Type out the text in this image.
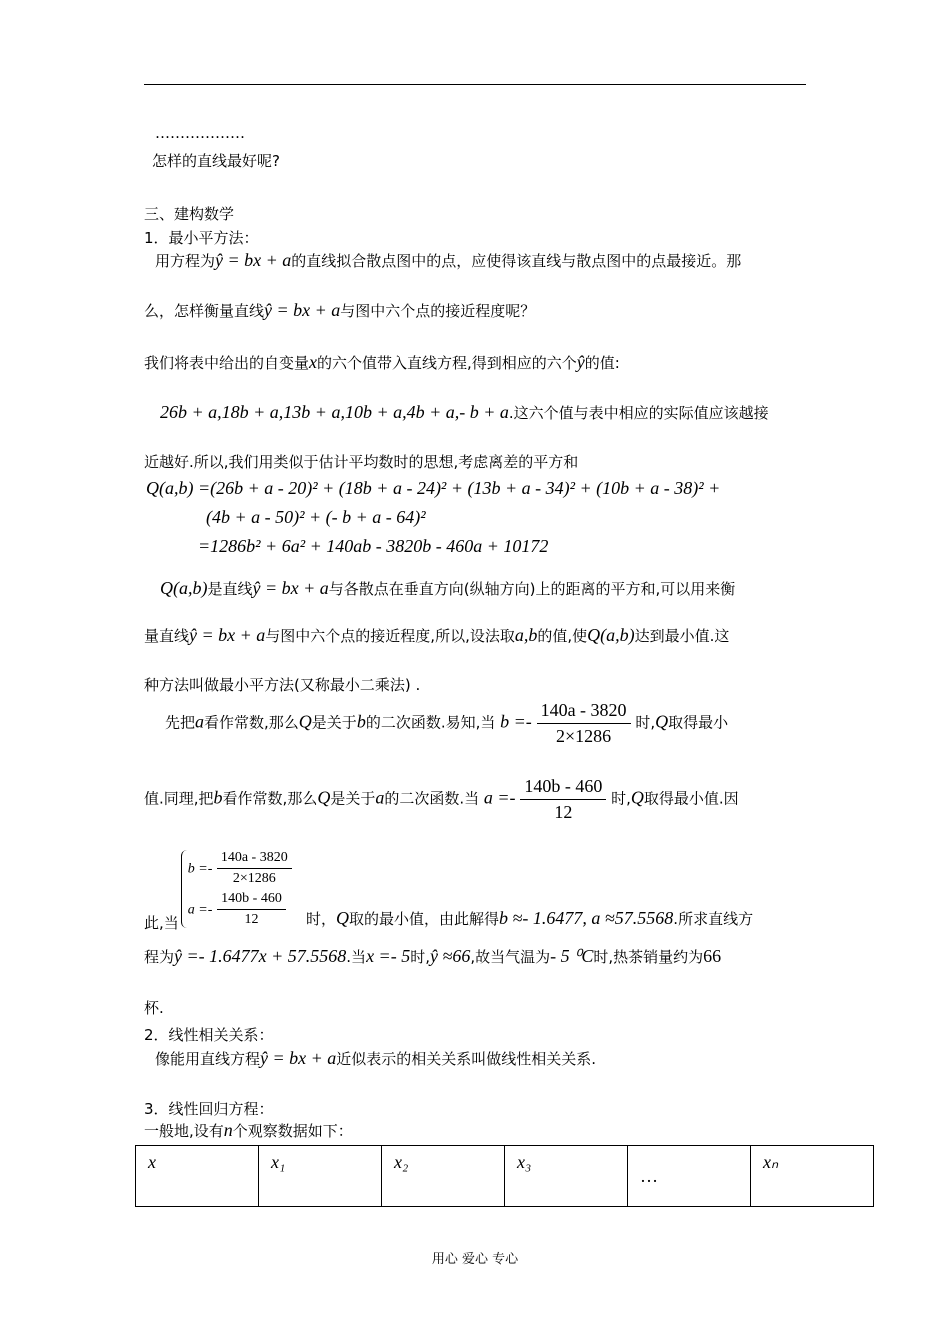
………………
怎样的直线最好呢?
三、建构数学
1．最小平方法：
用方程为ŷ = bx + a的直线拟合散点图中的点，应使得该直线与散点图中的点最接近。那
么，怎样衡量直线ŷ = bx + a与图中六个点的接近程度呢？
我们将表中给出的自变量x的六个值带入直线方程,得到相应的六个ŷ的值:
26b + a,18b + a,13b + a,10b + a,4b + a,- b + a.这六个值与表中相应的实际值应该越接
近越好.所以,我们用类似于估计平均数时的思想,考虑离差的平方和
Q(a,b) =(26b + a - 20)² + (18b + a - 24)² + (13b + a - 34)² + (10b + a - 38)² +
(4b + a - 50)² + (- b + a - 64)²
=1286b² + 6a² + 140ab - 3820b - 460a + 10172
Q(a,b)是直线ŷ = bx + a与各散点在垂直方向(纵轴方向)上的距离的平方和,可以用来衡
量直线ŷ = bx + a与图中六个点的接近程度,所以,设法取a,b的值,使Q(a,b)达到最小值.这
种方法叫做最小平方法(又称最小二乘法) .
先把a看作常数,那么Q是关于b的二次函数.易知,当 $b =- \frac{140a - 3820}{2\times 1286}$ 时,Q取得最小
值.同理,把b看作常数,那么Q是关于a的二次函数.当 $a =- \frac{140b - 460}{12}$ 时,Q取得最小值.因
此,当
$b =- \frac{140a - 3820}{2\times 1286}$
$a =- \frac{140b - 460}{12}$ 时，Q取的最小值，由此解得b ≈- 1.6477, a ≈57.5568.所求直线方
程为ŷ =- 1.6477x + 57.5568.当x =- 5时,ŷ ≈66,故当气温为- 5 ⁰C时,热茶销量约为66
杯.
2．线性相关关系：
像能用直线方程ŷ = bx + a近似表示的相关关系叫做线性相关关系.
3．线性回归方程：
一般地,设有n个观察数据如下：
x	x₁	x₂	x₃	…	xₙ
用心 爱心 专心
